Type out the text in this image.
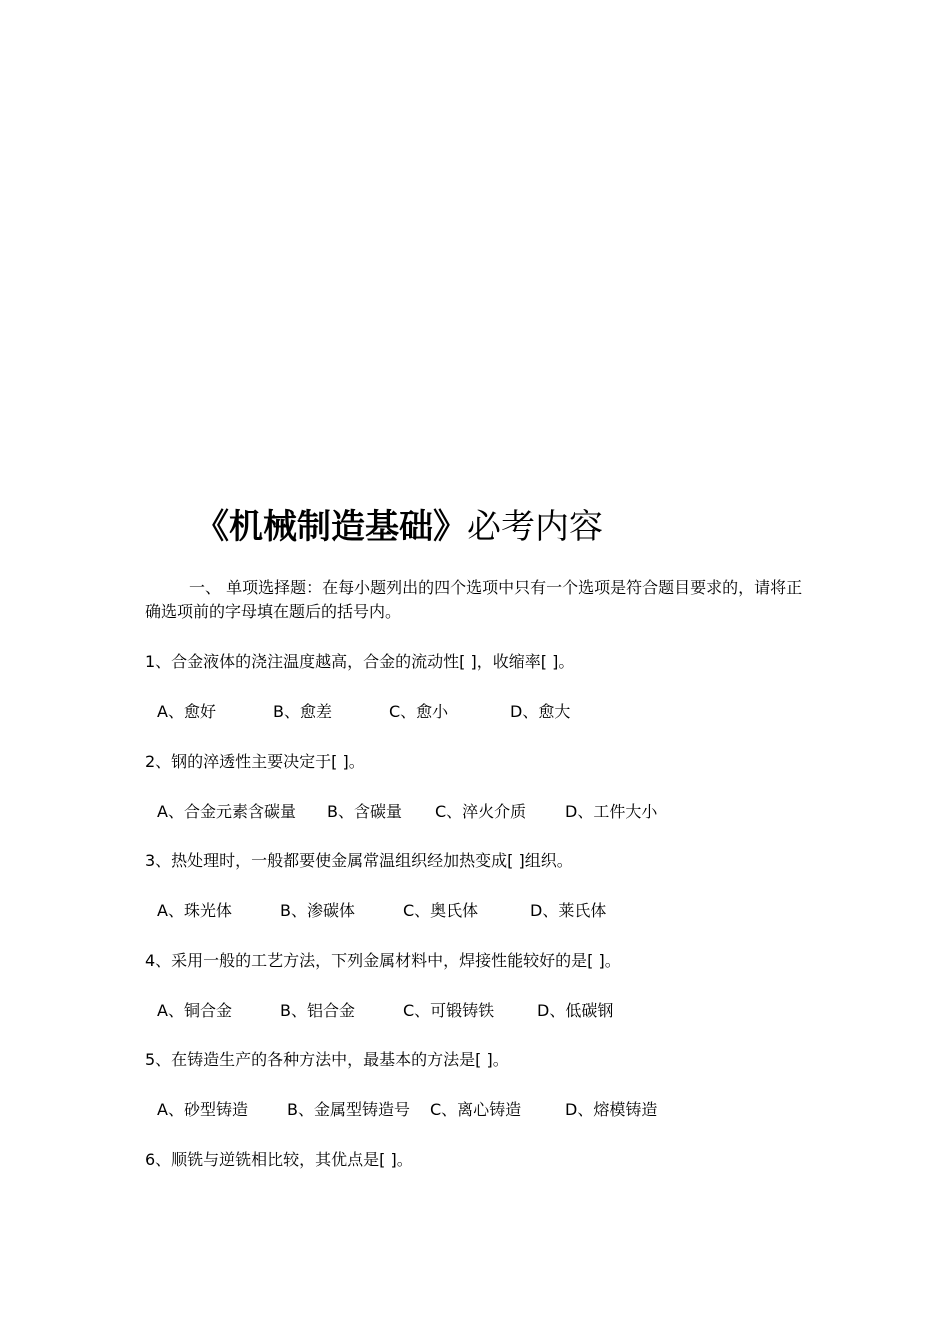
《机械制造基础》必考内容
一、 单项选择题：在每小题列出的四个选项中只有一个选项是符合题目要求的，请将正确选项前的字母填在题后的括号内。
1、合金液体的浇注温度越高，合金的流动性[ ]，收缩率[ ]。
A、愈好	B、愈差	C、愈小	D、愈大
2、钢的淬透性主要决定于[ ]。
A、合金元素含碳量 B、含碳量 C、淬火介质 D、工件大小
3、热处理时，一般都要使金属常温组织经加热变成[ ]组织。
A、珠光体	B、渗碳体	C、奥氏体	D、莱氏体
4、采用一般的工艺方法，下列金属材料中，焊接性能较好的是[ ]。
A、铜合金	B、铝合金	C、可锻铸铁	D、低碳钢
5、在铸造生产的各种方法中，最基本的方法是[ ]。
A、砂型铸造 B、金属型铸造号 C、离心铸造	D、熔模铸造
6、顺铣与逆铣相比较，其优点是[ ]。
